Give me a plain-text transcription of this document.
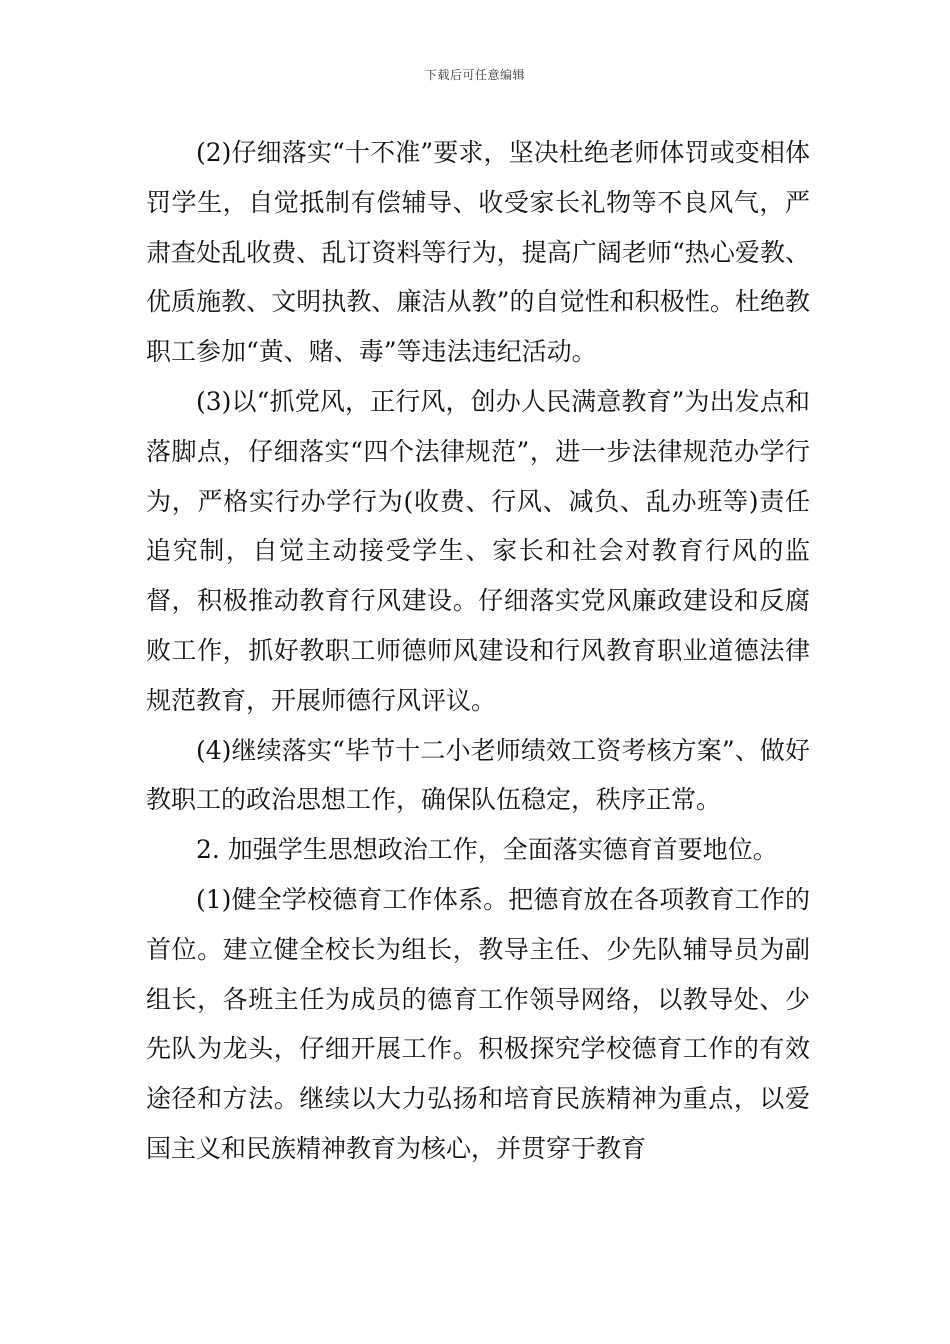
下载后可任意编辑

(2)仔细落实“十不准”要求，坚决杜绝老师体罚或变相体罚学生，自觉抵制有偿辅导、收受家长礼物等不良风气，严肃查处乱收费、乱订资料等行为，提高广阔老师“热心爱教、优质施教、文明执教、廉洁从教”的自觉性和积极性。杜绝教职工参加“黄、赌、毒”等违法违纪活动。

(3)以“抓党风，正行风，创办人民满意教育”为出发点和落脚点，仔细落实“四个法律规范”，进一步法律规范办学行为，严格实行办学行为(收费、行风、减负、乱办班等)责任追究制，自觉主动接受学生、家长和社会对教育行风的监督，积极推动教育行风建设。仔细落实党风廉政建设和反腐败工作，抓好教职工师德师风建设和行风教育职业道德法律规范教育，开展师德行风评议。

(4)继续落实“毕节十二小老师绩效工资考核方案”、做好教职工的政治思想工作，确保队伍稳定，秩序正常。

2. 加强学生思想政治工作，全面落实德育首要地位。

(1)健全学校德育工作体系。把德育放在各项教育工作的首位。建立健全校长为组长，教导主任、少先队辅导员为副组长，各班主任为成员的德育工作领导网络，以教导处、少先队为龙头，仔细开展工作。积极探究学校德育工作的有效途径和方法。继续以大力弘扬和培育民族精神为重点，以爱国主义和民族精神教育为核心，并贯穿于教育
